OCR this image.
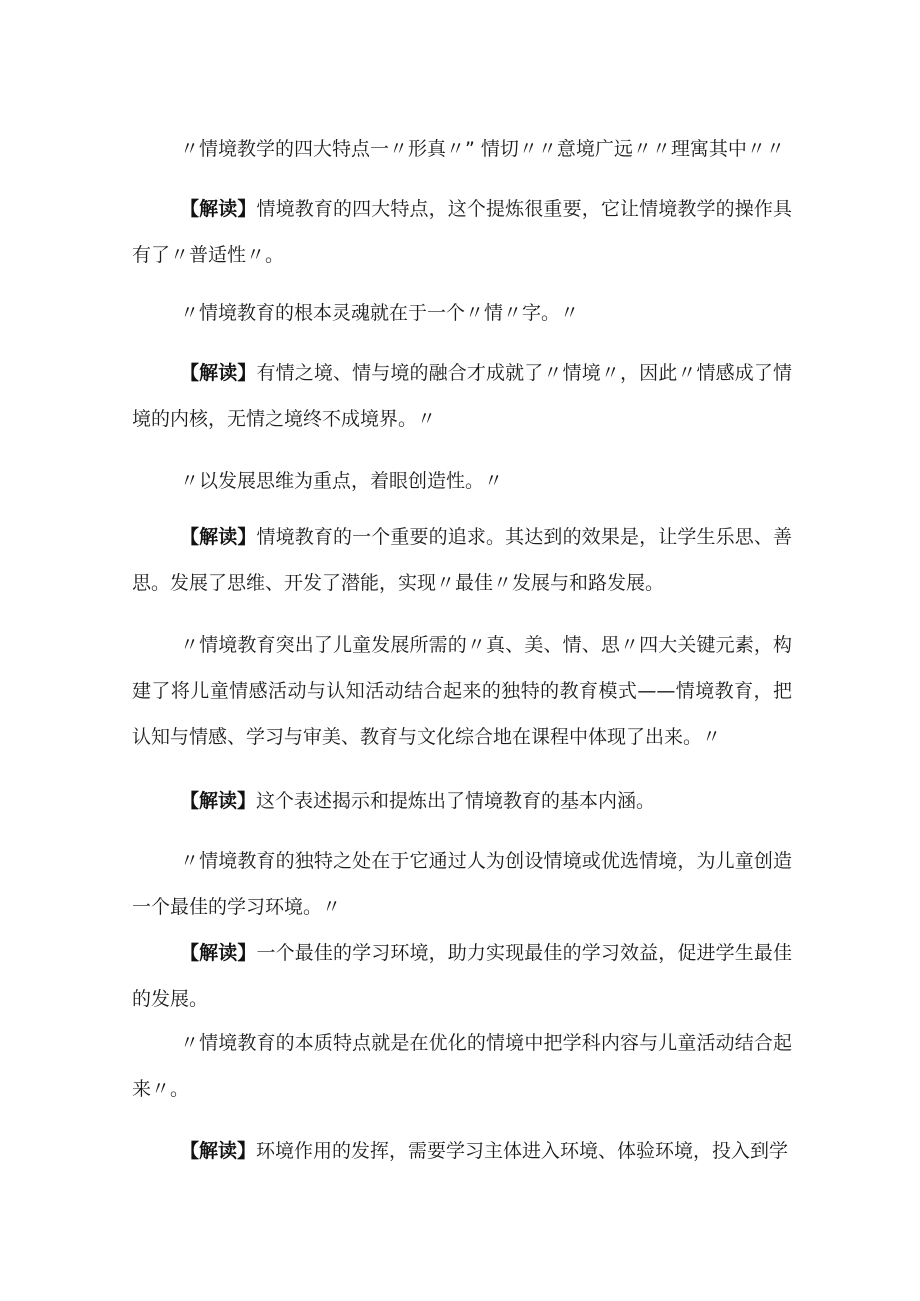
〃情境教学的四大特点一〃形真〃” 情切〃〃意境广远〃〃理寓其中〃〃

【解读】情境教育的四大特点，这个提炼很重要，它让情境教学的操作具有了〃普适性〃。

〃情境教育的根本灵魂就在于一个〃情〃字。〃

【解读】有情之境、情与境的融合才成就了〃情境〃，因此〃情感成了情境的内核，无情之境终不成境界。〃

〃以发展思维为重点，着眼创造性。〃

【解读】情境教育的一个重要的追求。其达到的效果是，让学生乐思、善思。发展了思维、开发了潜能，实现〃最佳〃发展与和路发展。

〃情境教育突出了儿童发展所需的〃真、美、情、思〃四大关键元素，构建了将儿童情感活动与认知活动结合起来的独特的教育模式——情境教育，把认知与情感、学习与审美、教育与文化综合地在课程中体现了出来。〃

【解读】这个表述揭示和提炼出了情境教育的基本内涵。

〃情境教育的独特之处在于它通过人为创设情境或优选情境，为儿童创造一个最佳的学习环境。〃

【解读】一个最佳的学习环境，助力实现最佳的学习效益，促进学生最佳的发展。

〃情境教育的本质特点就是在优化的情境中把学科内容与儿童活动结合起来〃。

【解读】环境作用的发挥，需要学习主体进入环境、体验环境，投入到学
